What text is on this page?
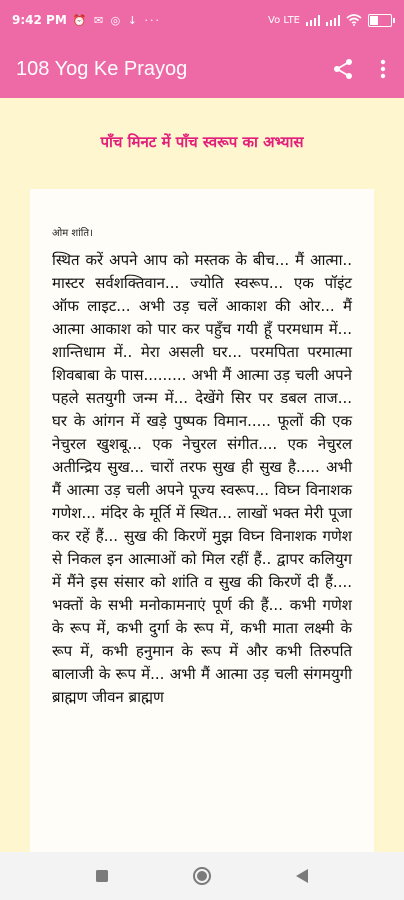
9:42 PM ⏰ ✉ ◎ ↓ ···	Vo LTE
108 Yog Ke Prayog
पाँच मिनट में पाँच स्वरूप का अभ्यास
ओम शांति।
स्थित करें अपने आप को मस्तक के बीच... मैं आत्मा.. मास्टर सर्वशक्तिवान... ज्योति स्वरूप... एक पॉइंट ऑफ लाइट... अभी उड़ चलें आकाश की ओर... मैं आत्मा आकाश को पार कर पहुँच गयी हूँ परमधाम में... शान्तिधाम में.. मेरा असली घर... परमपिता परमात्मा शिवबाबा के पास......... अभी मैं आत्मा उड़ चली अपने पहले सतयुगी जन्म में... देखेंगे सिर पर डबल ताज... घर के आंगन में खड़े पुष्पक विमान..... फूलों की एक नेचुरल खुशबू... एक नेचुरल संगीत.... एक नेचुरल अतीन्द्रिय सुख... चारों तरफ सुख ही सुख है..... अभी मैं आत्मा उड़ चली अपने पूज्य स्वरूप... विघ्न विनाशक गणेश... मंदिर के मूर्ति में स्थित... लाखों भक्त मेरी पूजा कर रहें हैं... सुख की किरणें मुझ विघ्न विनाशक गणेश से निकल इन आत्माओं को मिल रहीं हैं.. द्वापर कलियुग में मैंने इस संसार को शांति व सुख की किरणें दी हैं.... भक्तों के सभी मनोकामनाएं पूर्ण की हैं... कभी गणेश के रूप में, कभी दुर्गा के रूप में, कभी माता लक्ष्मी के रूप में, कभी हनुमान के रूप में और कभी तिरुपति बालाजी के रूप में... अभी मैं आत्मा उड़ चली संगमयुगी ब्राह्मण जीवन ब्राह्मण
